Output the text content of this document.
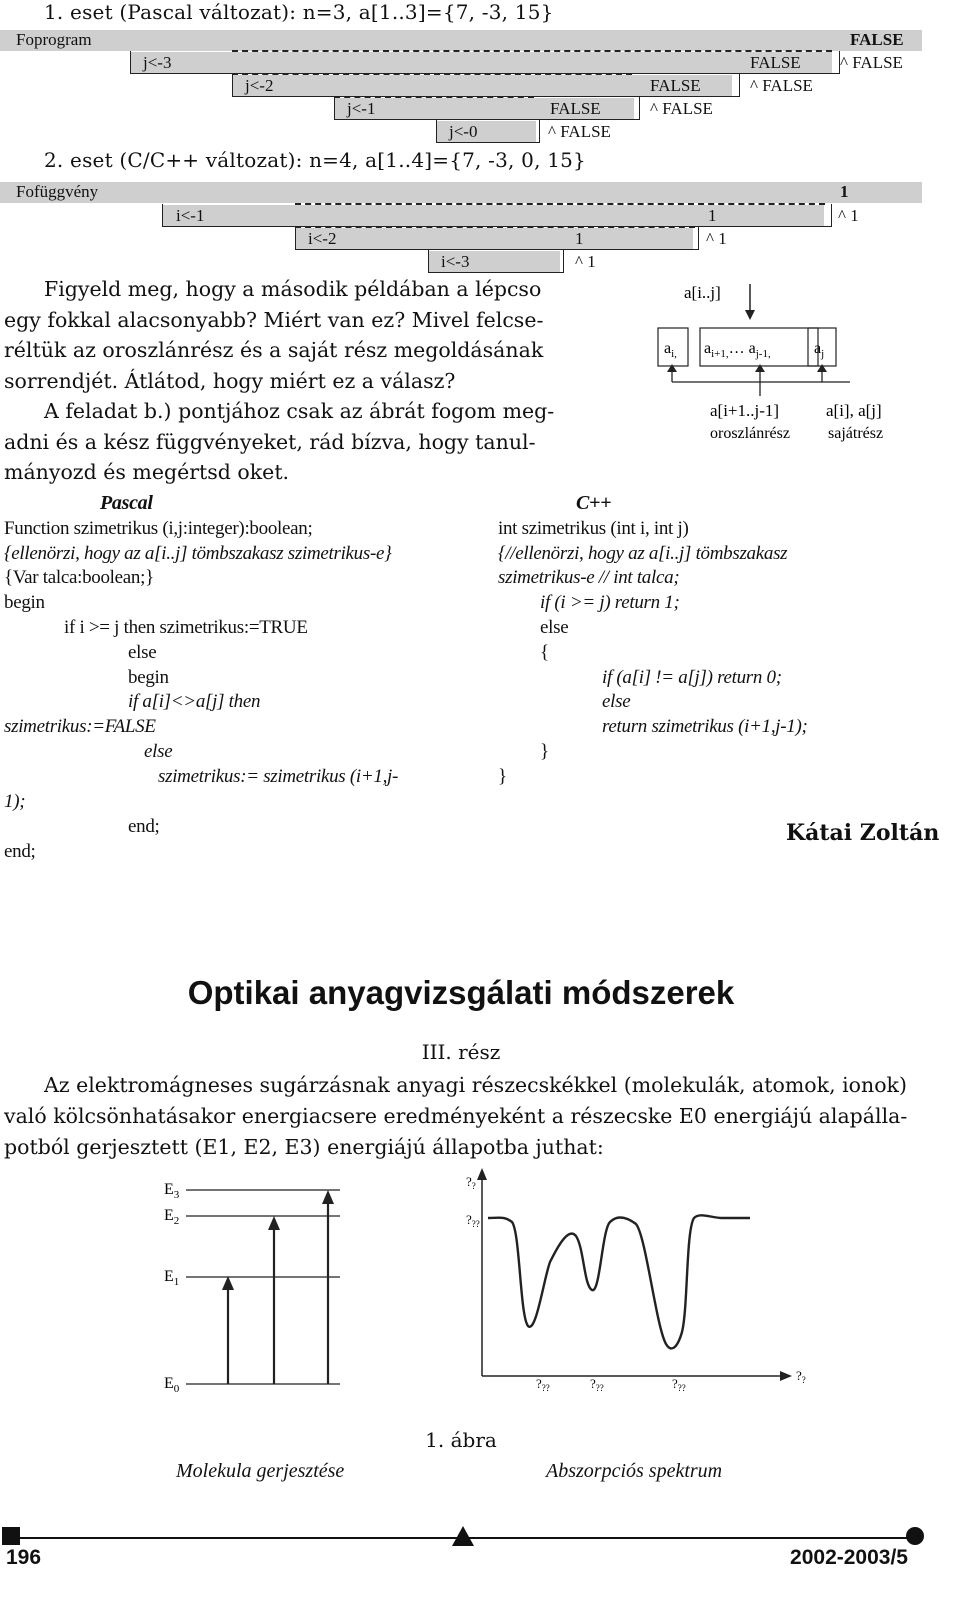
1. eset (Pascal változat): n=3, a[1..3]={7, -3, 15}
Foprogram	FALSE
j<-3	FALSE ^ FALSE
j<-2	FALSE	^ FALSE
j<-1	FALSE	^ FALSE
j<-0	^ FALSE
2. eset (C/C++ változat): n=4, a[1..4]={7, -3, 0, 15}
Fofüggvény	1
i<-1	1	^ 1
i<-2	1	^ 1
i<-3	^ 1
Figyeld meg, hogy a második példában a lépcso
egy fokkal alacsonyabb? Miért van ez? Mivel felcse-
réltük az oroszlánrész és a saját rész megoldásának
sorrendjét. Átlátod, hogy miért ez a válasz?
A feladat b.) pontjához csak az ábrát fogom meg-
adni és a kész függvényeket, rád bízva, hogy tanul-
mányozd és megértsd oket.
a[i..j]
$a_{i,}$ $a_{i+1,}\dots$ $a_{j-1,}$	$a_j$
a[i+1..j-1]
oroszlánrész
a[i], a[j]
sajátrész
Pascal
Function szimetrikus (i,j:integer):boolean;
{ellenörzi, hogy az a[i..j] tömbszakasz szimetrikus-e}
{Var talca:boolean;}
begin
if i >= j then szimetrikus:=TRUE
else
begin
if a[i]<>a[j] then
szimetrikus:=FALSE
else
szimetrikus:= szimetrikus (i+1,j-
1);
end;
end;
C++
int szimetrikus (int i, int j)
{//ellenörzi, hogy az a[i..j] tömbszakasz
szimetrikus-e // int talca;
if (i >= j) return 1;
else
{
if (a[i] != a[j]) return 0;
else
return szimetrikus (i+1,j-1);
}
}
Kátai Zoltán
Optikai anyagvizsgálati módszerek
III. rész
Az elektromágneses sugárzásnak anyagi részecskékkel (molekulák, atomok, ionok)
való kölcsönhatásakor energiacsere eredményeként a részecske E0 energiájú alapálla-
potból gerjesztett (E1, E2, E3) energiájú állapotba juthat:
$E_3$
$E_2$
$E_1$
$E_0$
$?_?$
$?_{??}$
$?_{??}$	$?_{??}$	$?_{??}$
$?_?$
1. ábra
Molekula gerjesztése	Abszorpciós spektrum
196	2002-2003/5
